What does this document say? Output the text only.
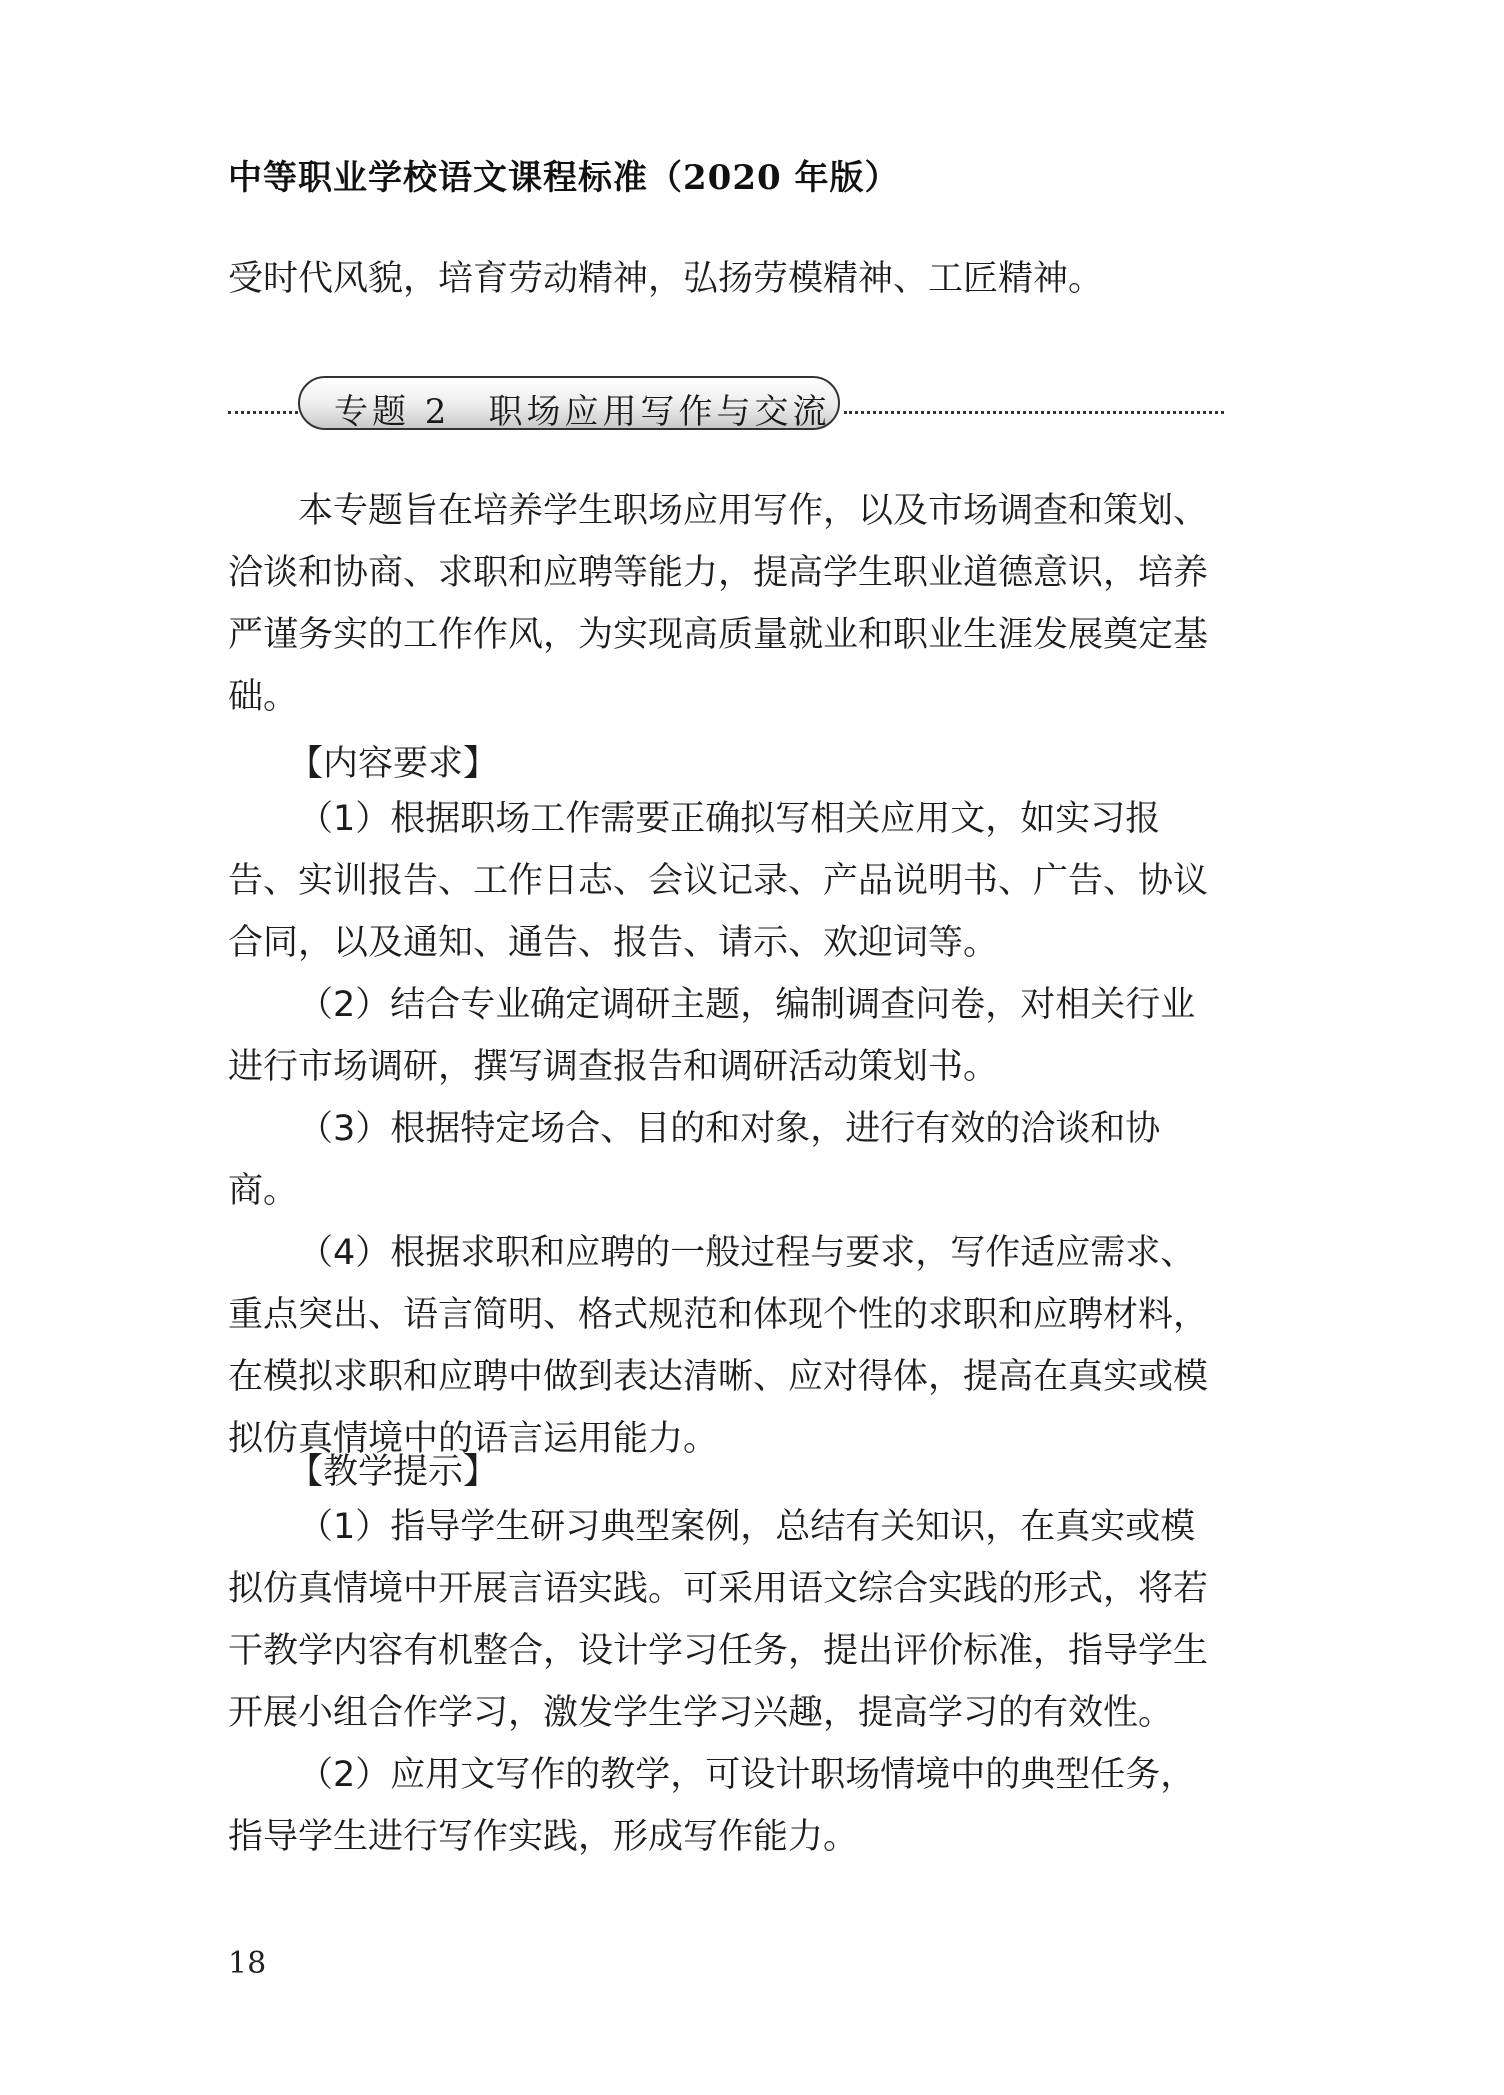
中等职业学校语文课程标准（2020 年版）

受时代风貌，培育劳动精神，弘扬劳模精神、工匠精神。

专题 2　职场应用写作与交流

本专题旨在培养学生职场应用写作，以及市场调查和策划、洽谈和协商、求职和应聘等能力，提高学生职业道德意识，培养严谨务实的工作作风，为实现高质量就业和职业生涯发展奠定基础。

【内容要求】

（1）根据职场工作需要正确拟写相关应用文，如实习报告、实训报告、工作日志、会议记录、产品说明书、广告、协议合同，以及通知、通告、报告、请示、欢迎词等。

（2）结合专业确定调研主题，编制调查问卷，对相关行业进行市场调研，撰写调查报告和调研活动策划书。

（3）根据特定场合、目的和对象，进行有效的洽谈和协商。

（4）根据求职和应聘的一般过程与要求，写作适应需求、重点突出、语言简明、格式规范和体现个性的求职和应聘材料，在模拟求职和应聘中做到表达清晰、应对得体，提高在真实或模拟仿真情境中的语言运用能力。

【教学提示】

（1）指导学生研习典型案例，总结有关知识，在真实或模拟仿真情境中开展言语实践。可采用语文综合实践的形式，将若干教学内容有机整合，设计学习任务，提出评价标准，指导学生开展小组合作学习，激发学生学习兴趣，提高学习的有效性。

（2）应用文写作的教学，可设计职场情境中的典型任务，指导学生进行写作实践，形成写作能力。

18
